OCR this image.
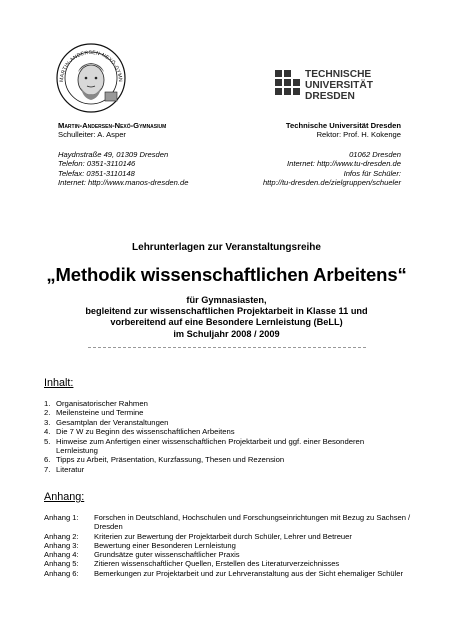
MARTIN-ANDERSEN-NEXÖ-GYMN
Martin-Andersen-Nexö-Gymnasium
Schulleiter: A. Asper
Haydnstraße 49, 01309 Dresden
Telefon: 0351-3110146
Telefax: 0351-3110148
Internet: http://www.manos-dresden.de
TECHNISCHE
UNIVERSITÄT
DRESDEN
Technische Universität Dresden
Rektor: Prof. H. Kokenge
01062 Dresden
Internet: http://www.tu-dresden.de
Infos für Schüler:
http://tu-dresden.de/zielgruppen/schueler
Lehrunterlagen zur Veranstaltungsreihe
„Methodik wissenschaftlichen Arbeitens“
für Gymnasiasten,
begleitend zur wissenschaftlichen Projektarbeit in Klasse 11 und
vorbereitend auf eine Besondere Lernleistung (BeLL)
im Schuljahr 2008 / 2009
Inhalt:
1. Organisatorischer Rahmen
2. Meilensteine und Termine
3. Gesamtplan der Veranstaltungen
4. Die 7 W zu Beginn des wissenschaftlichen Arbeitens
5. Hinweise zum Anfertigen einer wissenschaftlichen Projektarbeit und ggf. einer Besonderen Lernleistung
6. Tipps zu Arbeit, Präsentation, Kurzfassung, Thesen und Rezension
7. Literatur
Anhang:
Anhang 1:	Forschen in Deutschland, Hochschulen und Forschungseinrichtungen mit Bezug zu Sachsen / Dresden
Anhang 2:	Kriterien zur Bewertung der Projektarbeit durch Schüler, Lehrer und Betreuer
Anhang 3:	Bewertung einer Besonderen Lernleistung
Anhang 4:	Grundsätze guter wissenschaftlicher Praxis
Anhang 5:	Zitieren wissenschaftlicher Quellen, Erstellen des Literaturverzeichnisses
Anhang 6:	Bemerkungen zur Projektarbeit und zur Lehrveranstaltung aus der Sicht ehemaliger Schüler
